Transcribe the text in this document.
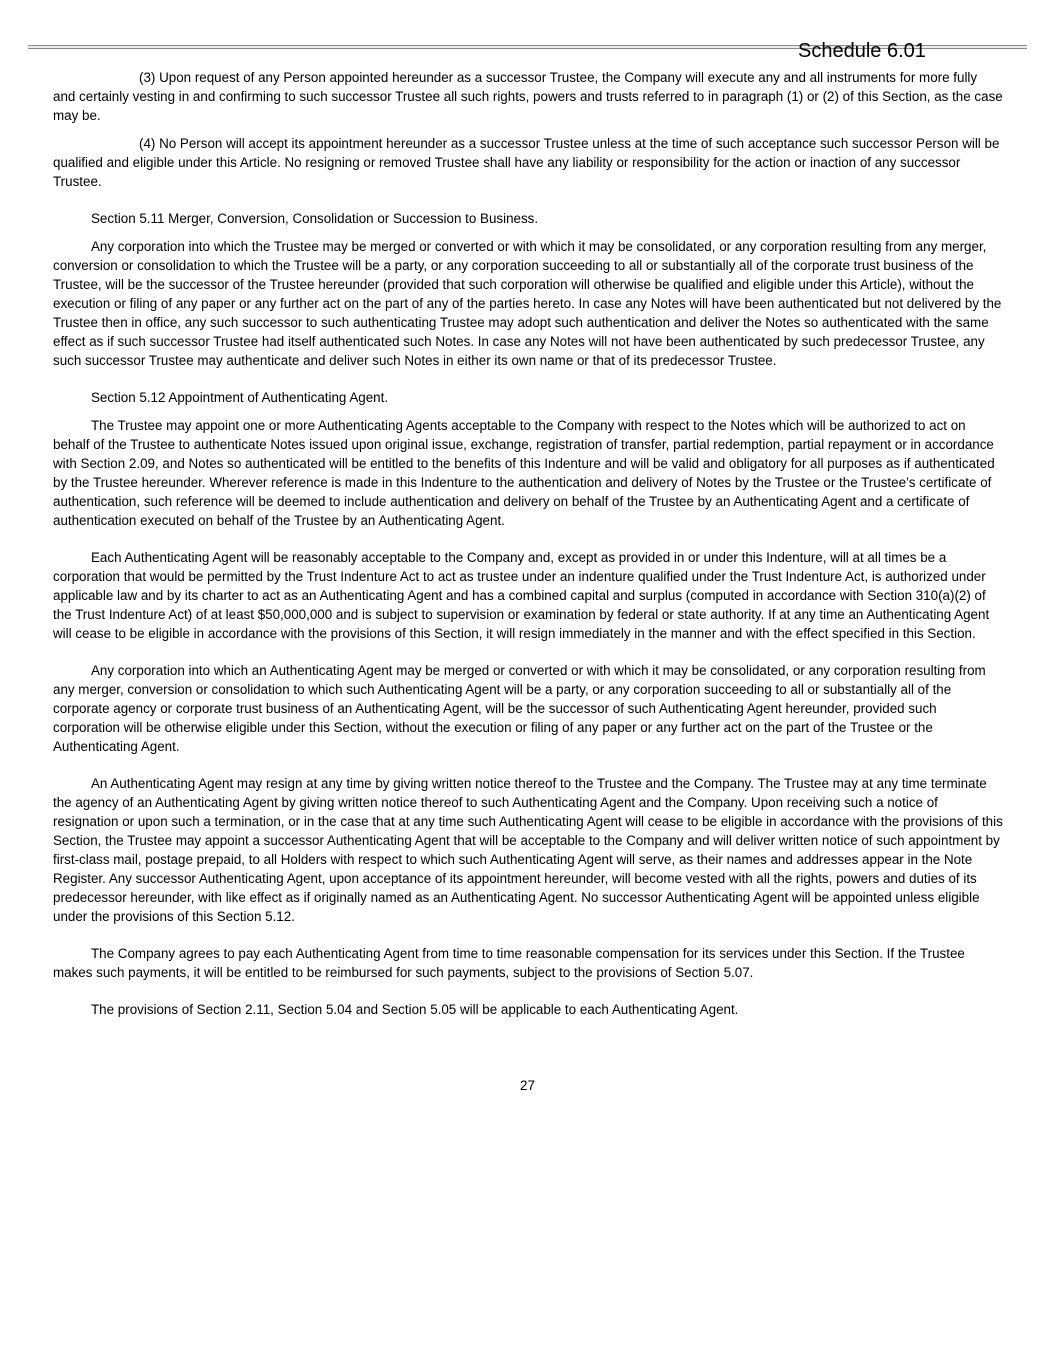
Schedule 6.01

(3) Upon request of any Person appointed hereunder as a successor Trustee, the Company will execute any and all instruments for more fully and certainly vesting in and confirming to such successor Trustee all such rights, powers and trusts referred to in paragraph (1) or (2) of this Section, as the case may be.

(4) No Person will accept its appointment hereunder as a successor Trustee unless at the time of such acceptance such successor Person will be qualified and eligible under this Article. No resigning or removed Trustee shall have any liability or responsibility for the action or inaction of any successor Trustee.

Section 5.11 Merger, Conversion, Consolidation or Succession to Business.

Any corporation into which the Trustee may be merged or converted or with which it may be consolidated, or any corporation resulting from any merger, conversion or consolidation to which the Trustee will be a party, or any corporation succeeding to all or substantially all of the corporate trust business of the Trustee, will be the successor of the Trustee hereunder (provided that such corporation will otherwise be qualified and eligible under this Article), without the execution or filing of any paper or any further act on the part of any of the parties hereto. In case any Notes will have been authenticated but not delivered by the Trustee then in office, any such successor to such authenticating Trustee may adopt such authentication and deliver the Notes so authenticated with the same effect as if such successor Trustee had itself authenticated such Notes. In case any Notes will not have been authenticated by such predecessor Trustee, any such successor Trustee may authenticate and deliver such Notes in either its own name or that of its predecessor Trustee.

Section 5.12 Appointment of Authenticating Agent.

The Trustee may appoint one or more Authenticating Agents acceptable to the Company with respect to the Notes which will be authorized to act on behalf of the Trustee to authenticate Notes issued upon original issue, exchange, registration of transfer, partial redemption, partial repayment or in accordance with Section 2.09, and Notes so authenticated will be entitled to the benefits of this Indenture and will be valid and obligatory for all purposes as if authenticated by the Trustee hereunder. Wherever reference is made in this Indenture to the authentication and delivery of Notes by the Trustee or the Trustee’s certificate of authentication, such reference will be deemed to include authentication and delivery on behalf of the Trustee by an Authenticating Agent and a certificate of authentication executed on behalf of the Trustee by an Authenticating Agent.

Each Authenticating Agent will be reasonably acceptable to the Company and, except as provided in or under this Indenture, will at all times be a corporation that would be permitted by the Trust Indenture Act to act as trustee under an indenture qualified under the Trust Indenture Act, is authorized under applicable law and by its charter to act as an Authenticating Agent and has a combined capital and surplus (computed in accordance with Section 310(a)(2) of the Trust Indenture Act) of at least $50,000,000 and is subject to supervision or examination by federal or state authority. If at any time an Authenticating Agent will cease to be eligible in accordance with the provisions of this Section, it will resign immediately in the manner and with the effect specified in this Section.

Any corporation into which an Authenticating Agent may be merged or converted or with which it may be consolidated, or any corporation resulting from any merger, conversion or consolidation to which such Authenticating Agent will be a party, or any corporation succeeding to all or substantially all of the corporate agency or corporate trust business of an Authenticating Agent, will be the successor of such Authenticating Agent hereunder, provided such corporation will be otherwise eligible under this Section, without the execution or filing of any paper or any further act on the part of the Trustee or the Authenticating Agent.

An Authenticating Agent may resign at any time by giving written notice thereof to the Trustee and the Company. The Trustee may at any time terminate the agency of an Authenticating Agent by giving written notice thereof to such Authenticating Agent and the Company. Upon receiving such a notice of resignation or upon such a termination, or in the case that at any time such Authenticating Agent will cease to be eligible in accordance with the provisions of this Section, the Trustee may appoint a successor Authenticating Agent that will be acceptable to the Company and will deliver written notice of such appointment by first-class mail, postage prepaid, to all Holders with respect to which such Authenticating Agent will serve, as their names and addresses appear in the Note Register. Any successor Authenticating Agent, upon acceptance of its appointment hereunder, will become vested with all the rights, powers and duties of its predecessor hereunder, with like effect as if originally named as an Authenticating Agent. No successor Authenticating Agent will be appointed unless eligible under the provisions of this Section 5.12.

The Company agrees to pay each Authenticating Agent from time to time reasonable compensation for its services under this Section. If the Trustee makes such payments, it will be entitled to be reimbursed for such payments, subject to the provisions of Section 5.07.

The provisions of Section 2.11, Section 5.04 and Section 5.05 will be applicable to each Authenticating Agent.

27
